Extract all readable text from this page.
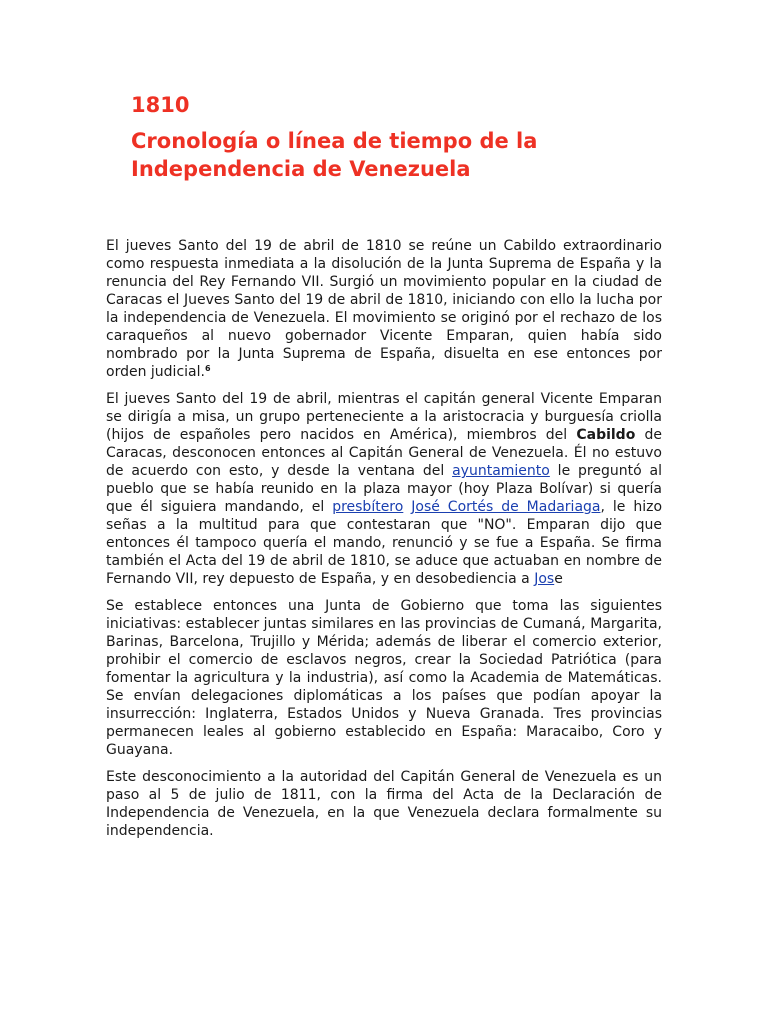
1810
Cronología o línea de tiempo de la Independencia de Venezuela

El jueves Santo del 19 de abril de 1810 se reúne un Cabildo extraordinario como respuesta inmediata a la disolución de la Junta Suprema de España y la renuncia del Rey Fernando VII. Surgió un movimiento popular en la ciudad de Caracas el Jueves Santo del 19 de abril de 1810, iniciando con ello la lucha por la independencia de Venezuela. El movimiento se originó por el rechazo de los caraqueños al nuevo gobernador Vicente Emparan, quien había sido nombrado por la Junta Suprema de España, disuelta en ese entonces por orden judicial.$^6$

El jueves Santo del 19 de abril, mientras el capitán general Vicente Emparan se dirigía a misa, un grupo perteneciente a la aristocracia y burguesía criolla (hijos de españoles pero nacidos en América), miembros del Cabildo de Caracas, desconocen entonces al Capitán General de Venezuela. Él no estuvo de acuerdo con esto, y desde la ventana del ayuntamiento le preguntó al pueblo que se había reunido en la plaza mayor (hoy Plaza Bolívar) si quería que él siguiera mandando, el presbítero José Cortés de Madariaga, le hizo señas a la multitud para que contestaran que "NO". Emparan dijo que entonces él tampoco quería el mando, renunció y se fue a España. Se firma también el Acta del 19 de abril de 1810, se aduce que actuaban en nombre de Fernando VII, rey depuesto de España, y en desobediencia a Jose

Se establece entonces una Junta de Gobierno que toma las siguientes iniciativas: establecer juntas similares en las provincias de Cumaná, Margarita, Barinas, Barcelona, Trujillo y Mérida; además de liberar el comercio exterior, prohibir el comercio de esclavos negros, crear la Sociedad Patriótica (para fomentar la agricultura y la industria), así como la Academia de Matemáticas. Se envían delegaciones diplomáticas a los países que podían apoyar la insurrección: Inglaterra, Estados Unidos y Nueva Granada. Tres provincias permanecen leales al gobierno establecido en España: Maracaibo, Coro y Guayana.

Este desconocimiento a la autoridad del Capitán General de Venezuela es un paso al 5 de julio de 1811, con la firma del Acta de la Declaración de Independencia de Venezuela, en la que Venezuela declara formalmente su independencia.
